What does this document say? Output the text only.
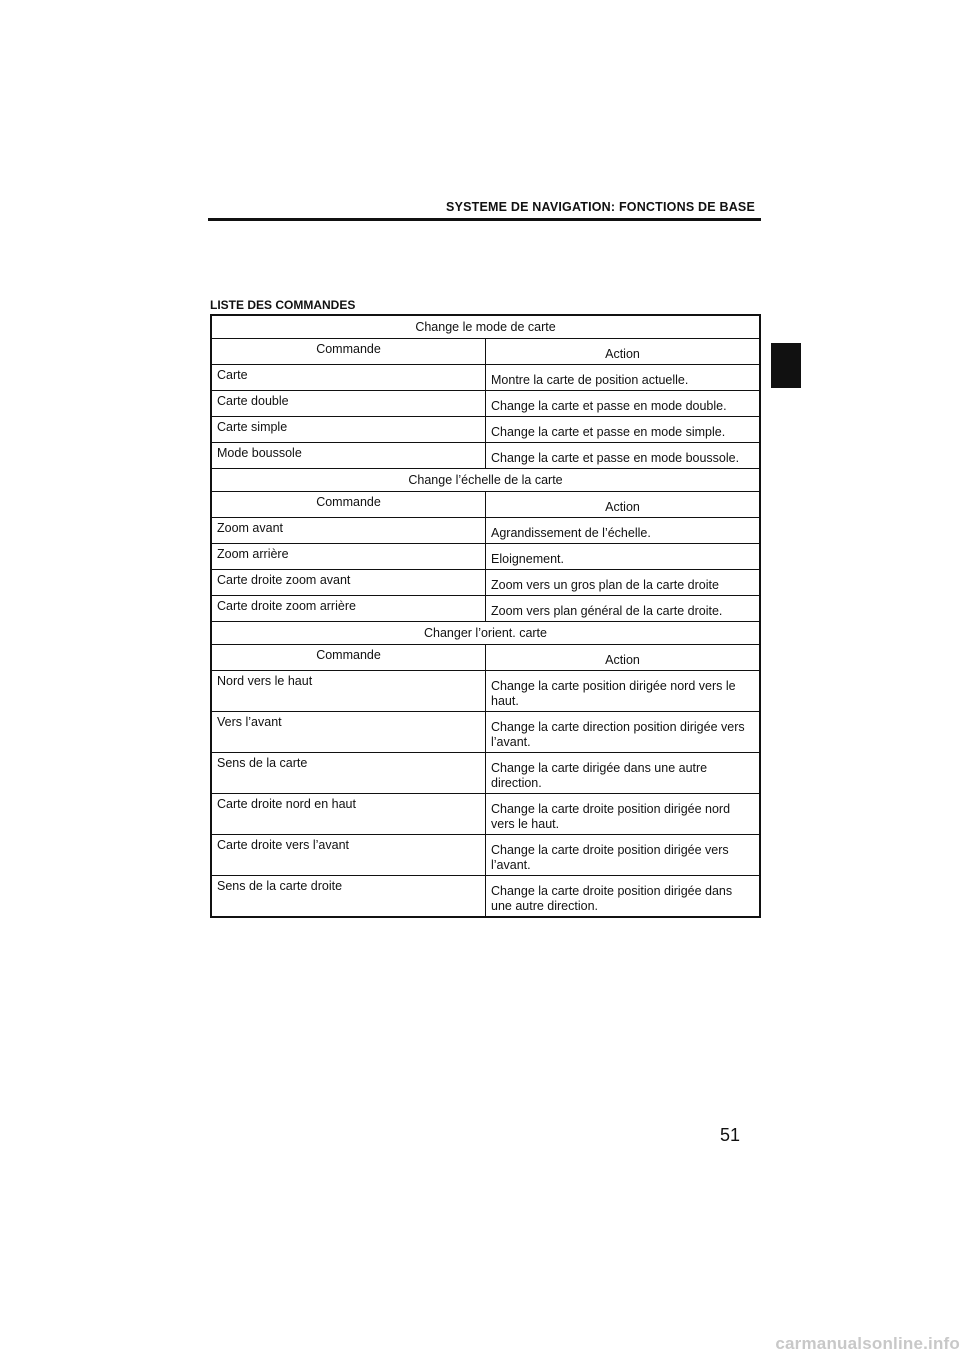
SYSTEME DE NAVIGATION: FONCTIONS DE BASE
LISTE DES COMMANDES
Change le mode de carte	
Commande	Action
Carte	Montre la carte de position actuelle.
Carte double	Change la carte et passe en mode double.
Carte simple	Change la carte et passe en mode simple.
Mode boussole	Change la carte et passe en mode boussole.
Change l’échelle de la carte	
Commande	Action
Zoom avant	Agrandissement de l’échelle.
Zoom arrière	Eloignement.
Carte droite zoom avant	Zoom vers un gros plan de la carte droite
Carte droite zoom arrière	Zoom vers plan général de la carte droite.
Changer l’orient. carte	
Commande	Action
Nord vers le haut	Change la carte position dirigée nord vers le haut.
Vers l’avant	Change la carte direction position dirigée vers l’avant.
Sens de la carte	Change la carte dirigée dans une autre direction.
Carte droite nord en haut	Change la carte droite position dirigée nord vers le haut.
Carte droite vers l’avant	Change la carte droite position dirigée vers l’avant.
Sens de la carte droite	Change la carte droite position dirigée dans une autre direction.
51
carmanualsonline.info
